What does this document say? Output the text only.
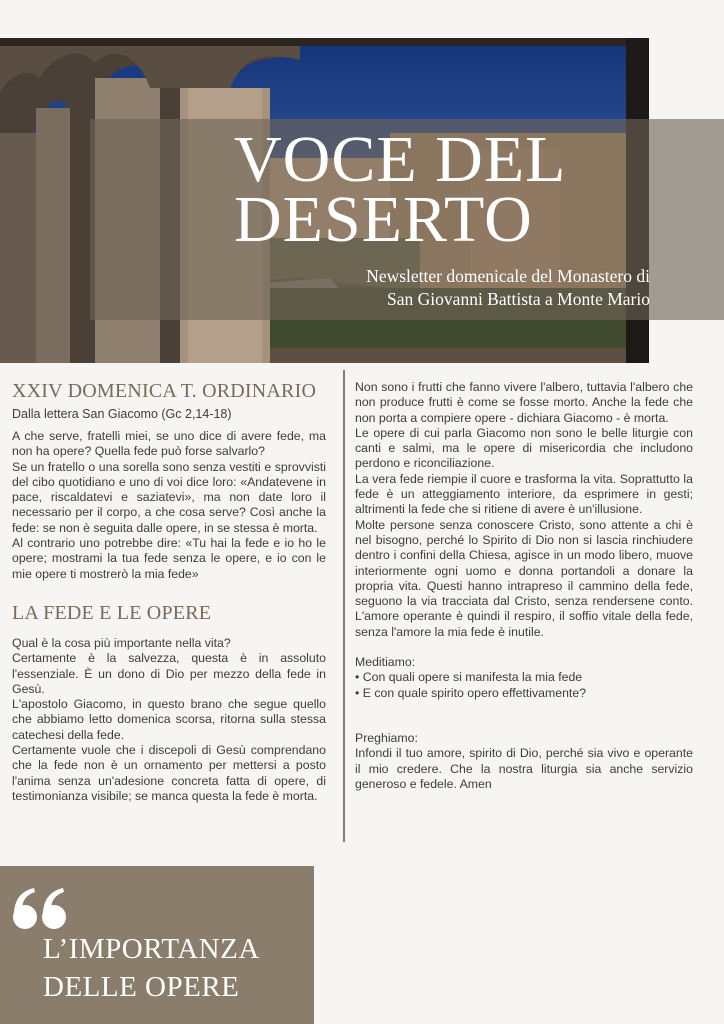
VOCE DEL
DESERTO
Newsletter domenicale del Monastero di
San Giovanni Battista a Monte Mario
XXIV DOMENICA T. ORDINARIO
Dalla lettera San Giacomo (Gc 2,14-18)

A che serve, fratelli miei, se uno dice di avere fede, ma non ha opere? Quella fede può forse salvarlo?

Se un fratello o una sorella sono senza vestiti e sprovvisti del cibo quotidiano e uno di voi dice loro: «Andatevene in pace, riscaldatevi e saziatevi», ma non date loro il necessario per il corpo, a che cosa serve? Così anche la fede: se non è seguita dalle opere, in se stessa è morta.

Al contrario uno potrebbe dire: «Tu hai la fede e io ho le opere; mostrami la tua fede senza le opere, e io con le mie opere ti mostrerò la mia fede»

LA FEDE E LE OPERE

Qual è la cosa più importante nella vita?

Certamente è la salvezza, questa è in assoluto l'essenziale. È un dono di Dio per mezzo della fede in Gesù.

L'apostolo Giacomo, in questo brano che segue quello che abbiamo letto domenica scorsa, ritorna sulla stessa catechesi della fede.

Certamente vuole che i discepoli di Gesù comprendano che la fede non è un ornamento per mettersi a posto l'anima senza un'adesione concreta fatta di opere, di testimonianza visibile; se manca questa la fede è morta.

Non sono i frutti che fanno vivere l'albero, tuttavia l'albero che non produce frutti è come se fosse morto. Anche la fede che non porta a compiere opere - dichiara Giacomo - è morta.

Le opere di cui parla Giacomo non sono le belle liturgie con canti e salmi, ma le opere di misericordia che includono perdono e riconciliazione.

La vera fede riempie il cuore e trasforma la vita. Soprattutto la fede è un atteggiamento interiore, da esprimere in gesti; altrimenti la fede che si ritiene di avere è un'illusione.

Molte persone senza conoscere Cristo, sono attente a chi è nel bisogno, perché lo Spirito di Dio non si lascia rinchiudere dentro i confini della Chiesa, agisce in un modo libero, muove interiormente ogni uomo e donna portandoli a donare la propria vita. Questi hanno intrapreso il cammino della fede, seguono la via tracciata dal Cristo, senza rendersene conto. L'amore operante è quindi il respiro, il soffio vitale della fede, senza l'amore la mia fede è inutile.

Meditiamo:

• Con quali opere si manifesta la mia fede

• E con quale spirito opero effettivamente?

Preghiamo:

Infondi il tuo amore, spirito di Dio, perché sia vivo e operante il mio credere. Che la nostra liturgia sia anche servizio generoso e fedele. Amen

L’IMPORTANZA
DELLE OPERE
